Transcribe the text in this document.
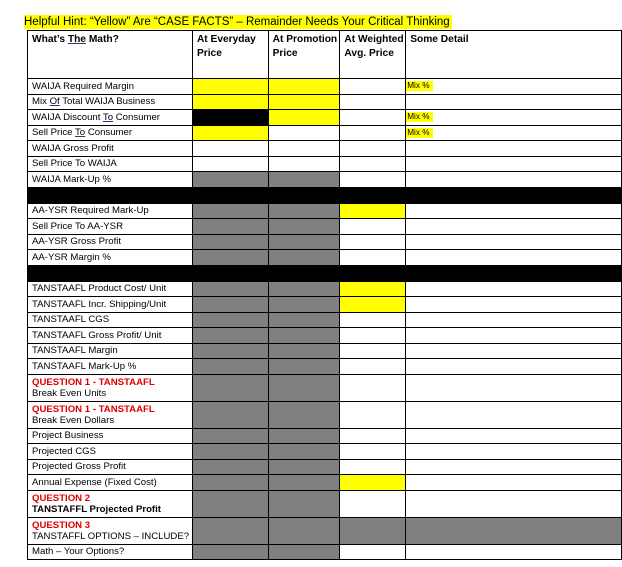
Helpful Hint: “Yellow” Are “CASE FACTS” – Remainder Needs Your Critical Thinking
What’s The Math?	At Everyday Price	At Promotion Price	At Weighted Avg. Price	Some Detail
WAIJA Required Margin				Mix %
Mix Of Total WAIJA Business				
WAIJA Discount To Consumer				Mix %
Sell Price To Consumer				Mix %
WAIJA Gross Profit				
Sell Price To WAIJA				
WAIJA Mark-Up %				

AA-YSR Required Mark-Up				
Sell Price To AA-YSR				
AA-YSR Gross Profit				
AA-YSR Margin %				

TANSTAAFL Product Cost/ Unit				
TANSTAAFL Incr. Shipping/Unit				
TANSTAAFL CGS				
TANSTAAFL Gross Profit/ Unit				
TANSTAAFL Margin				
TANSTAAFL Mark-Up %				

QUESTION 1 - TANSTAAFL
Break Even Units				

QUESTION 1 - TANSTAAFL
Break Even Dollars				

Project Business				
Projected CGS				
Projected Gross Profit				
Annual Expense (Fixed Cost)				

QUESTION 2
TANSTAFFL Projected Profit				

QUESTION 3
TANSTAFFL OPTIONS – INCLUDE?				

Math – Your Options?				
